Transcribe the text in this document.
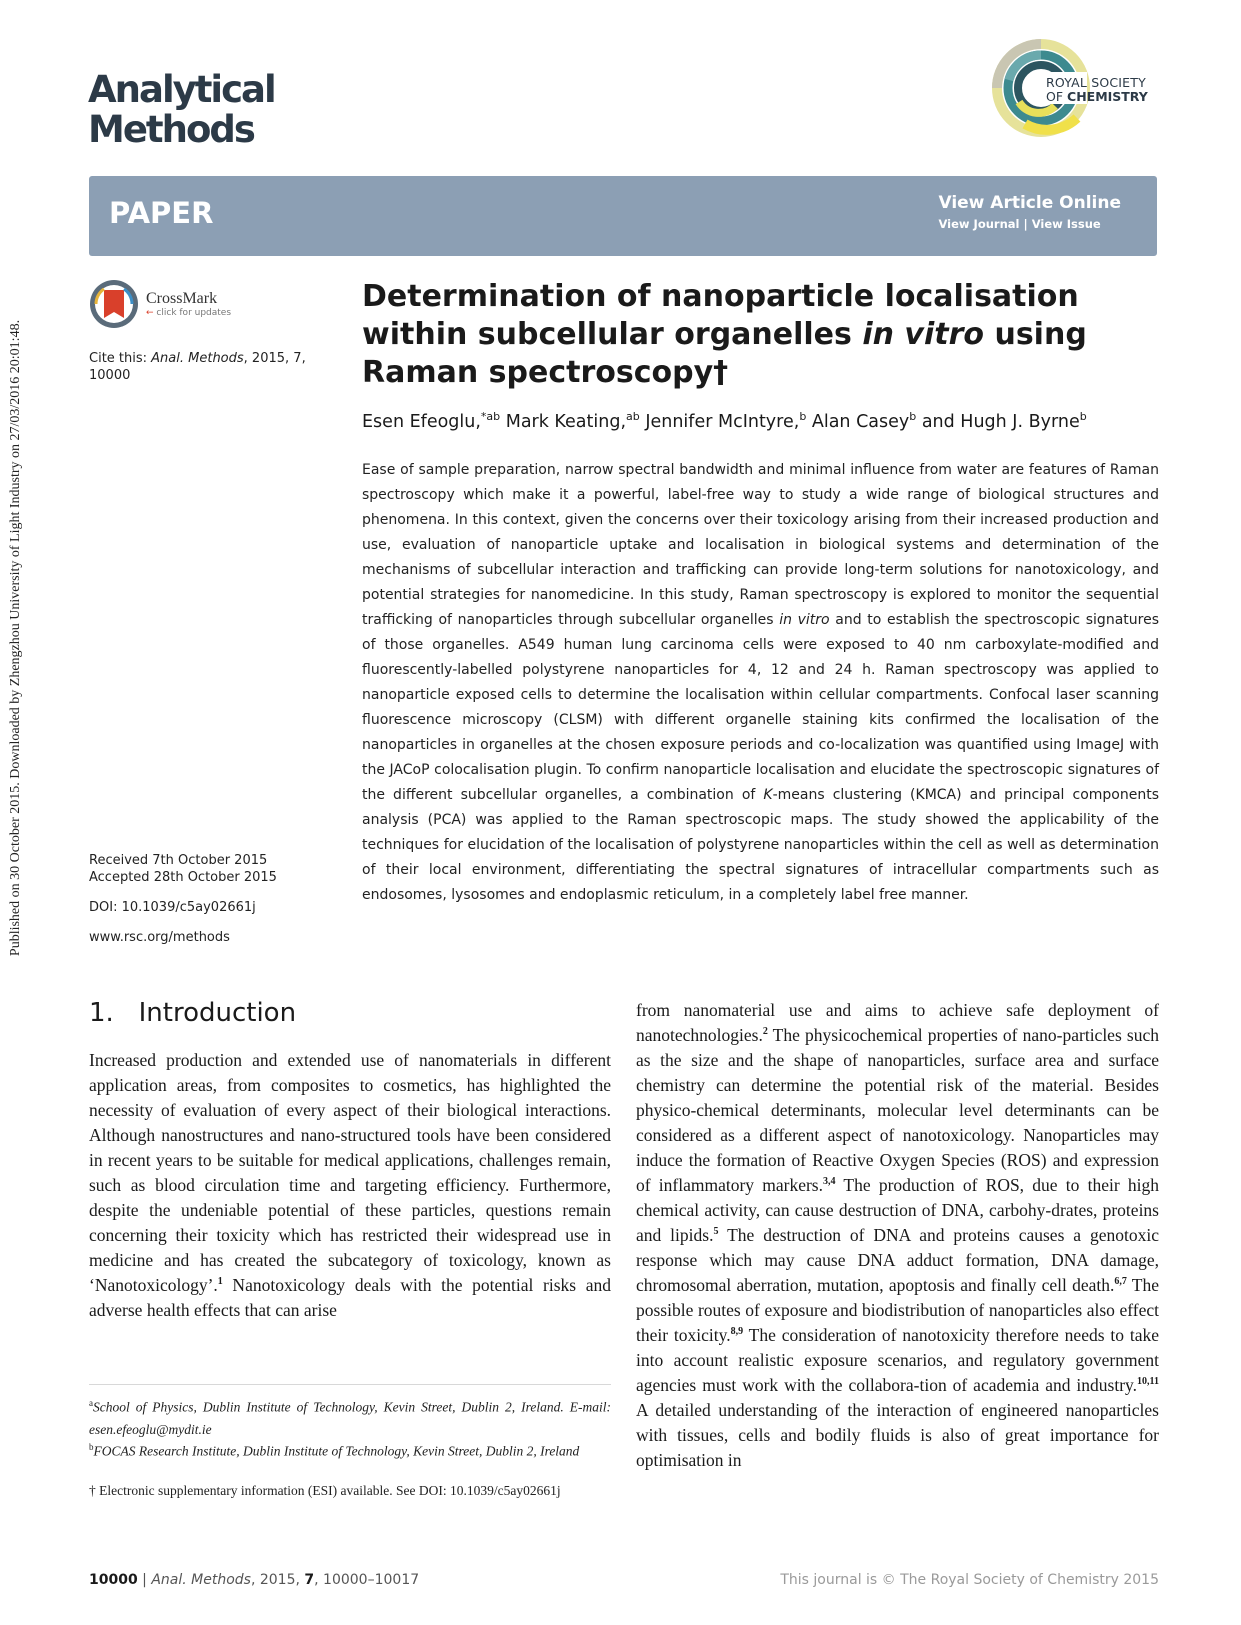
Published on 30 October 2015. Downloaded by Zhengzhou University of Light Industry on 27/03/2016 20:01:48.
Analytical
Methods
ROYAL SOCIETY
OF CHEMISTRY
PAPER	View Article Online
View Journal | View Issue
CrossMark
← click for updates
Cite this: Anal. Methods, 2015, 7,
10000
Received 7th October 2015
Accepted 28th October 2015
DOI: 10.1039/c5ay02661j
www.rsc.org/methods
Determination of nanoparticle localisation within subcellular organelles in vitro using Raman spectroscopy†
Esen Efeoglu,$^{*ab}$ Mark Keating,$^{ab}$ Jennifer McIntyre,$^b$ Alan Casey$^b$ and Hugh J. Byrne$^b$

Ease of sample preparation, narrow spectral bandwidth and minimal influence from water are features of Raman spectroscopy which make it a powerful, label-free way to study a wide range of biological structures and phenomena. In this context, given the concerns over their toxicology arising from their increased production and use, evaluation of nanoparticle uptake and localisation in biological systems and determination of the mechanisms of subcellular interaction and trafficking can provide long-term solutions for nanotoxicology, and potential strategies for nanomedicine. In this study, Raman spectroscopy is explored to monitor the sequential trafficking of nanoparticles through subcellular organelles in vitro and to establish the spectroscopic signatures of those organelles. A549 human lung carcinoma cells were exposed to 40 nm carboxylate-modified and fluorescently-labelled polystyrene nanoparticles for 4, 12 and 24 h. Raman spectroscopy was applied to nanoparticle exposed cells to determine the localisation within cellular compartments. Confocal laser scanning fluorescence microscopy (CLSM) with different organelle staining kits confirmed the localisation of the nanoparticles in organelles at the chosen exposure periods and co-localization was quantified using ImageJ with the JACoP colocalisation plugin. To confirm nanoparticle localisation and elucidate the spectroscopic signatures of the different subcellular organelles, a combination of K-means clustering (KMCA) and principal components analysis (PCA) was applied to the Raman spectroscopic maps. The study showed the applicability of the techniques for elucidation of the localisation of polystyrene nanoparticles within the cell as well as determination of their local environment, differentiating the spectral signatures of intracellular compartments such as endosomes, lysosomes and endoplasmic reticulum, in a completely label free manner.

1. Introduction

Increased production and extended use of nanomaterials in different application areas, from composites to cosmetics, has highlighted the necessity of evaluation of every aspect of their biological interactions. Although nanostructures and nano-structured tools have been considered in recent years to be suitable for medical applications, challenges remain, such as blood circulation time and targeting efficiency. Furthermore, despite the undeniable potential of these particles, questions remain concerning their toxicity which has restricted their widespread use in medicine and has created the subcategory of toxicology, known as ‘Nanotoxicology’.$^1$ Nanotoxicology deals with the potential risks and adverse health effects that can arise

from nanomaterial use and aims to achieve safe deployment of nanotechnologies.$^2$ The physicochemical properties of nano-particles such as the size and the shape of nanoparticles, surface area and surface chemistry can determine the potential risk of the material. Besides physico-chemical determinants, molecular level determinants can be considered as a different aspect of nanotoxicology. Nanoparticles may induce the formation of Reactive Oxygen Species (ROS) and expression of inflammatory markers.$^{3,4}$ The production of ROS, due to their high chemical activity, can cause destruction of DNA, carbohy-drates, proteins and lipids.$^5$ The destruction of DNA and proteins causes a genotoxic response which may cause DNA adduct formation, DNA damage, chromosomal aberration, mutation, apoptosis and finally cell death.$^{6,7}$ The possible routes of exposure and biodistribution of nanoparticles also effect their toxicity.$^{8,9}$ The consideration of nanotoxicity therefore needs to take into account realistic exposure scenarios, and regulatory government agencies must work with the collabora-tion of academia and industry.$^{10,11}$ A detailed understanding of the interaction of engineered nanoparticles with tissues, cells and bodily fluids is also of great importance for optimisation in

$^a$School of Physics, Dublin Institute of Technology, Kevin Street, Dublin 2, Ireland. E-mail: esen.efeoglu@mydit.ie

$^b$FOCAS Research Institute, Dublin Institute of Technology, Kevin Street, Dublin 2, Ireland

† Electronic supplementary information (ESI) available. See DOI: 10.1039/c5ay02661j

10000 | Anal. Methods, 2015, 7, 10000–10017	This journal is © The Royal Society of Chemistry 2015
